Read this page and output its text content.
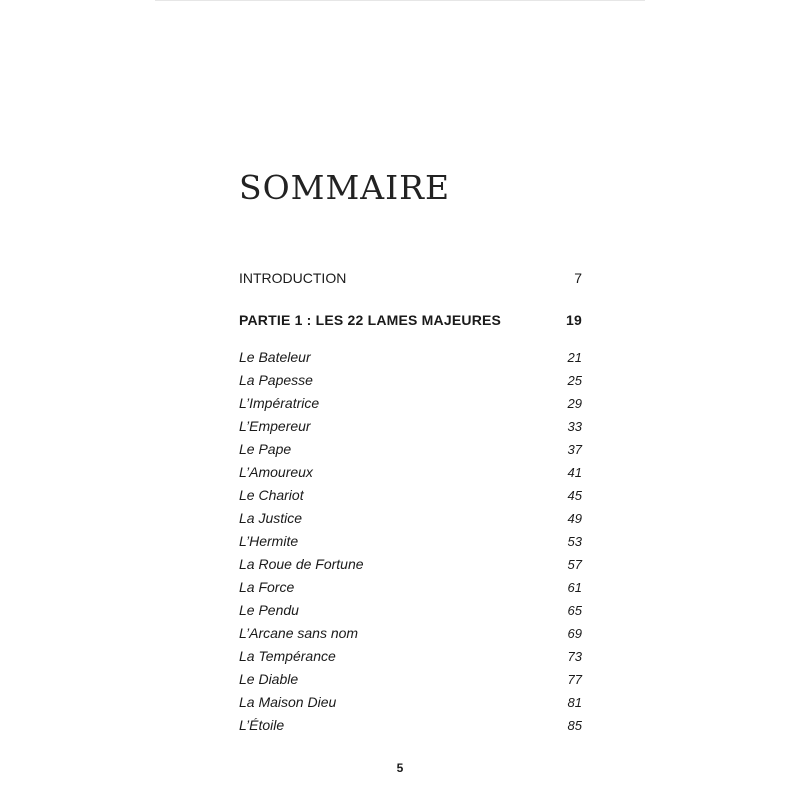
SOMMAIRE
INTRODUCTION	7
PARTIE 1 : LES 22 LAMES MAJEURES	19
Le Bateleur	21
La Papesse	25
L’Impératrice	29
L’Empereur	33
Le Pape	37
L’Amoureux	41
Le Chariot	45
La Justice	49
L’Hermite	53
La Roue de Fortune	57
La Force	61
Le Pendu	65
L’Arcane sans nom	69
La Tempérance	73
Le Diable	77
La Maison Dieu	81
L’Étoile	85
5
